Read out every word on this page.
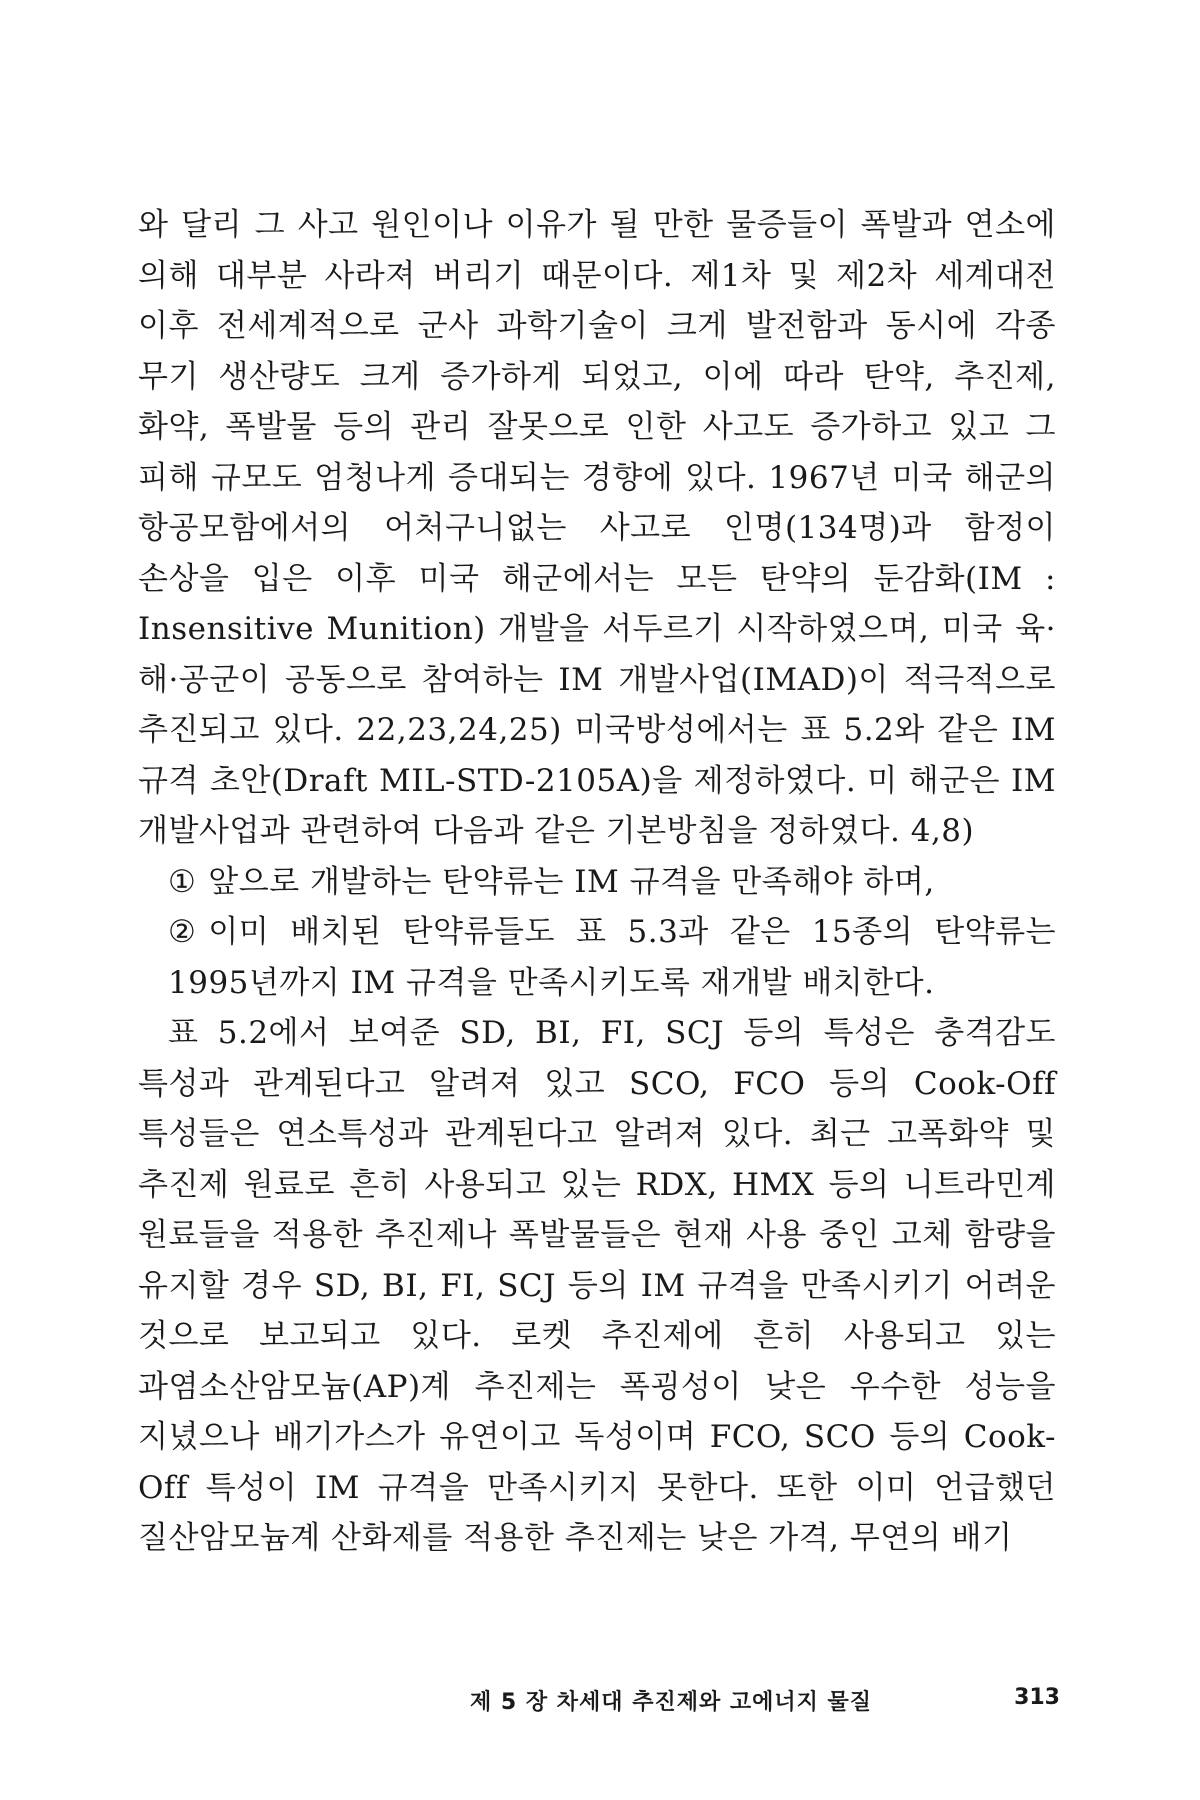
와 달리 그 사고 원인이나 이유가 될 만한 물증들이 폭발과 연소에 의해 대부분 사라져 버리기 때문이다. 제1차 및 제2차 세계대전 이후 전세계적으로 군사 과학기술이 크게 발전함과 동시에 각종 무기 생산량도 크게 증가하게 되었고, 이에 따라 탄약, 추진제, 화약, 폭발물 등의 관리 잘못으로 인한 사고도 증가하고 있고 그 피해 규모도 엄청나게 증대되는 경향에 있다. 1967년 미국 해군의 항공모함에서의 어처구니없는 사고로 인명(134명)과 함정이 손상을 입은 이후 미국 해군에서는 모든 탄약의 둔감화(IM : Insensitive Munition) 개발을 서두르기 시작하였으며, 미국 육·해·공군이 공동으로 참여하는 IM 개발사업(IMAD)이 적극적으로 추진되고 있다. 22,23,24,25) 미국방성에서는 표 5.2와 같은 IM 규격 초안(Draft MIL-STD-2105A)을 제정하였다. 미 해군은 IM 개발사업과 관련하여 다음과 같은 기본방침을 정하였다. 4,8)

① 앞으로 개발하는 탄약류는 IM 규격을 만족해야 하며,
② 이미 배치된 탄약류들도 표 5.3과 같은 15종의 탄약류는 1995년까지 IM 규격을 만족시키도록 재개발 배치한다.

표 5.2에서 보여준 SD, BI, FI, SCJ 등의 특성은 충격감도 특성과 관계된다고 알려져 있고 SCO, FCO 등의 Cook-Off 특성들은 연소특성과 관계된다고 알려져 있다. 최근 고폭화약 및 추진제 원료로 흔히 사용되고 있는 RDX, HMX 등의 니트라민계 원료들을 적용한 추진제나 폭발물들은 현재 사용 중인 고체 함량을 유지할 경우 SD, BI, FI, SCJ 등의 IM 규격을 만족시키기 어려운 것으로 보고되고 있다. 로켓 추진제에 흔히 사용되고 있는 과염소산암모늄(AP)계 추진제는 폭굉성이 낮은 우수한 성능을 지녔으나 배기가스가 유연이고 독성이며 FCO, SCO 등의 Cook-Off 특성이 IM 규격을 만족시키지 못한다. 또한 이미 언급했던 질산암모늄계 산화제를 적용한 추진제는 낮은 가격, 무연의 배기

제 5 장 차세대 추진제와 고에너지 물질	313
